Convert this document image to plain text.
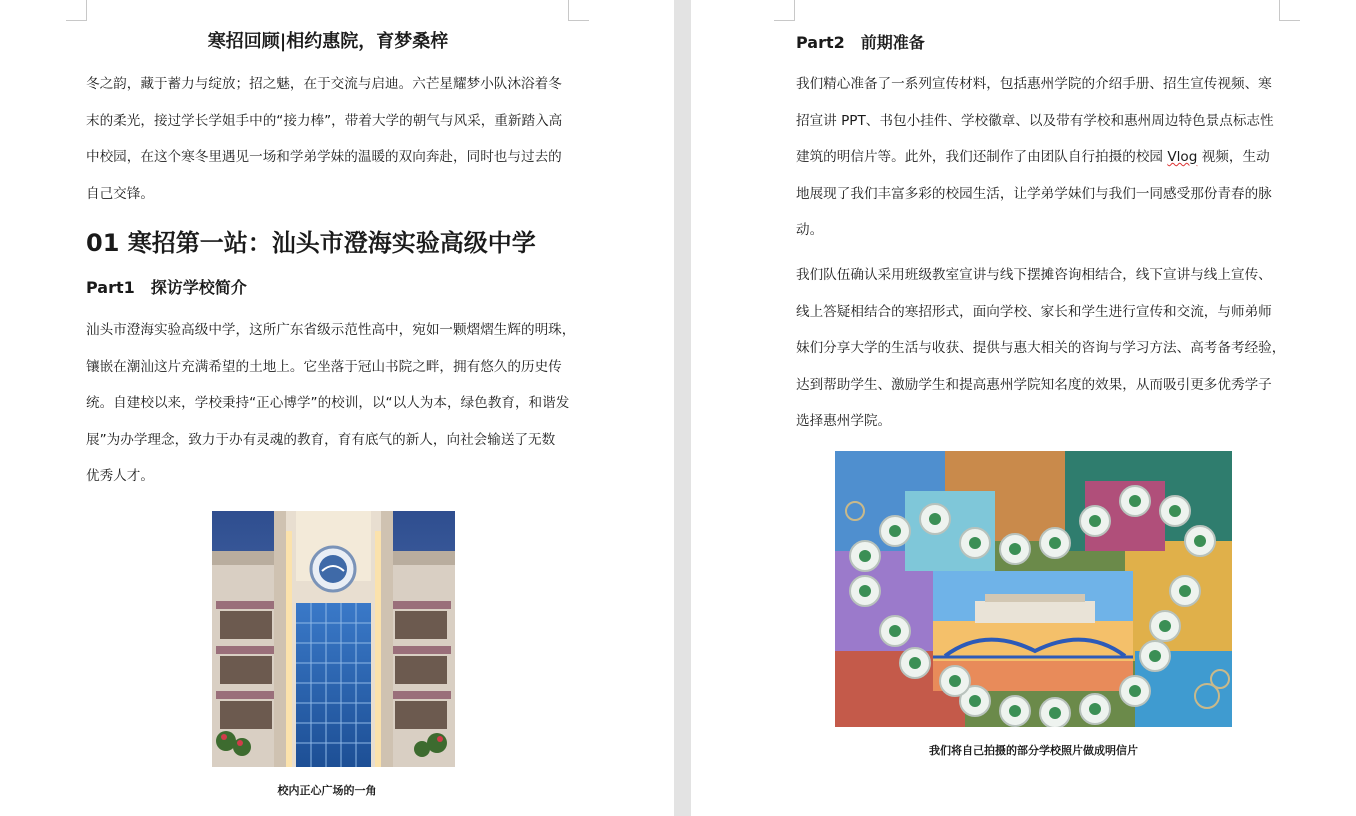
寒招回顾|相约惠院，育梦桑梓

冬之韵，藏于蓄力与绽放；招之魅，在于交流与启迪。六芒星耀梦小队沐浴着冬

末的柔光，接过学长学姐手中的“接力棒”，带着大学的朝气与风采，重新踏入高

中校园，在这个寒冬里遇见一场和学弟学妹的温暖的双向奔赴，同时也与过去的

自己交锋。

01 寒招第一站：汕头市澄海实验高级中学
Part1　探访学校简介

汕头市澄海实验高级中学，这所广东省级示范性高中，宛如一颗熠熠生辉的明珠，

镶嵌在潮汕这片充满希望的土地上。它坐落于冠山书院之畔，拥有悠久的历史传

统。自建校以来，学校秉持“正心博学”的校训，以“以人为本，绿色教育，和谐发

展”为办学理念，致力于办有灵魂的教育，育有底气的新人，向社会输送了无数

优秀人才。

校内正心广场的一角
Part2　前期准备

我们精心准备了一系列宣传材料，包括惠州学院的介绍手册、招生宣传视频、寒

招宣讲 PPT、书包小挂件、学校徽章、以及带有学校和惠州周边特色景点标志性

建筑的明信片等。此外，我们还制作了由团队自行拍摄的校园 Vlog 视频，生动

地展现了我们丰富多彩的校园生活，让学弟学妹们与我们一同感受那份青春的脉

动。

我们队伍确认采用班级教室宣讲与线下摆摊咨询相结合，线下宣讲与线上宣传、

线上答疑相结合的寒招形式，面向学校、家长和学生进行宣传和交流，与师弟师

妹们分享大学的生活与收获、提供与惠大相关的咨询与学习方法、高考备考经验，

达到帮助学生、激励学生和提高惠州学院知名度的效果，从而吸引更多优秀学子

选择惠州学院。

我们将自己拍摄的部分学校照片做成明信片
